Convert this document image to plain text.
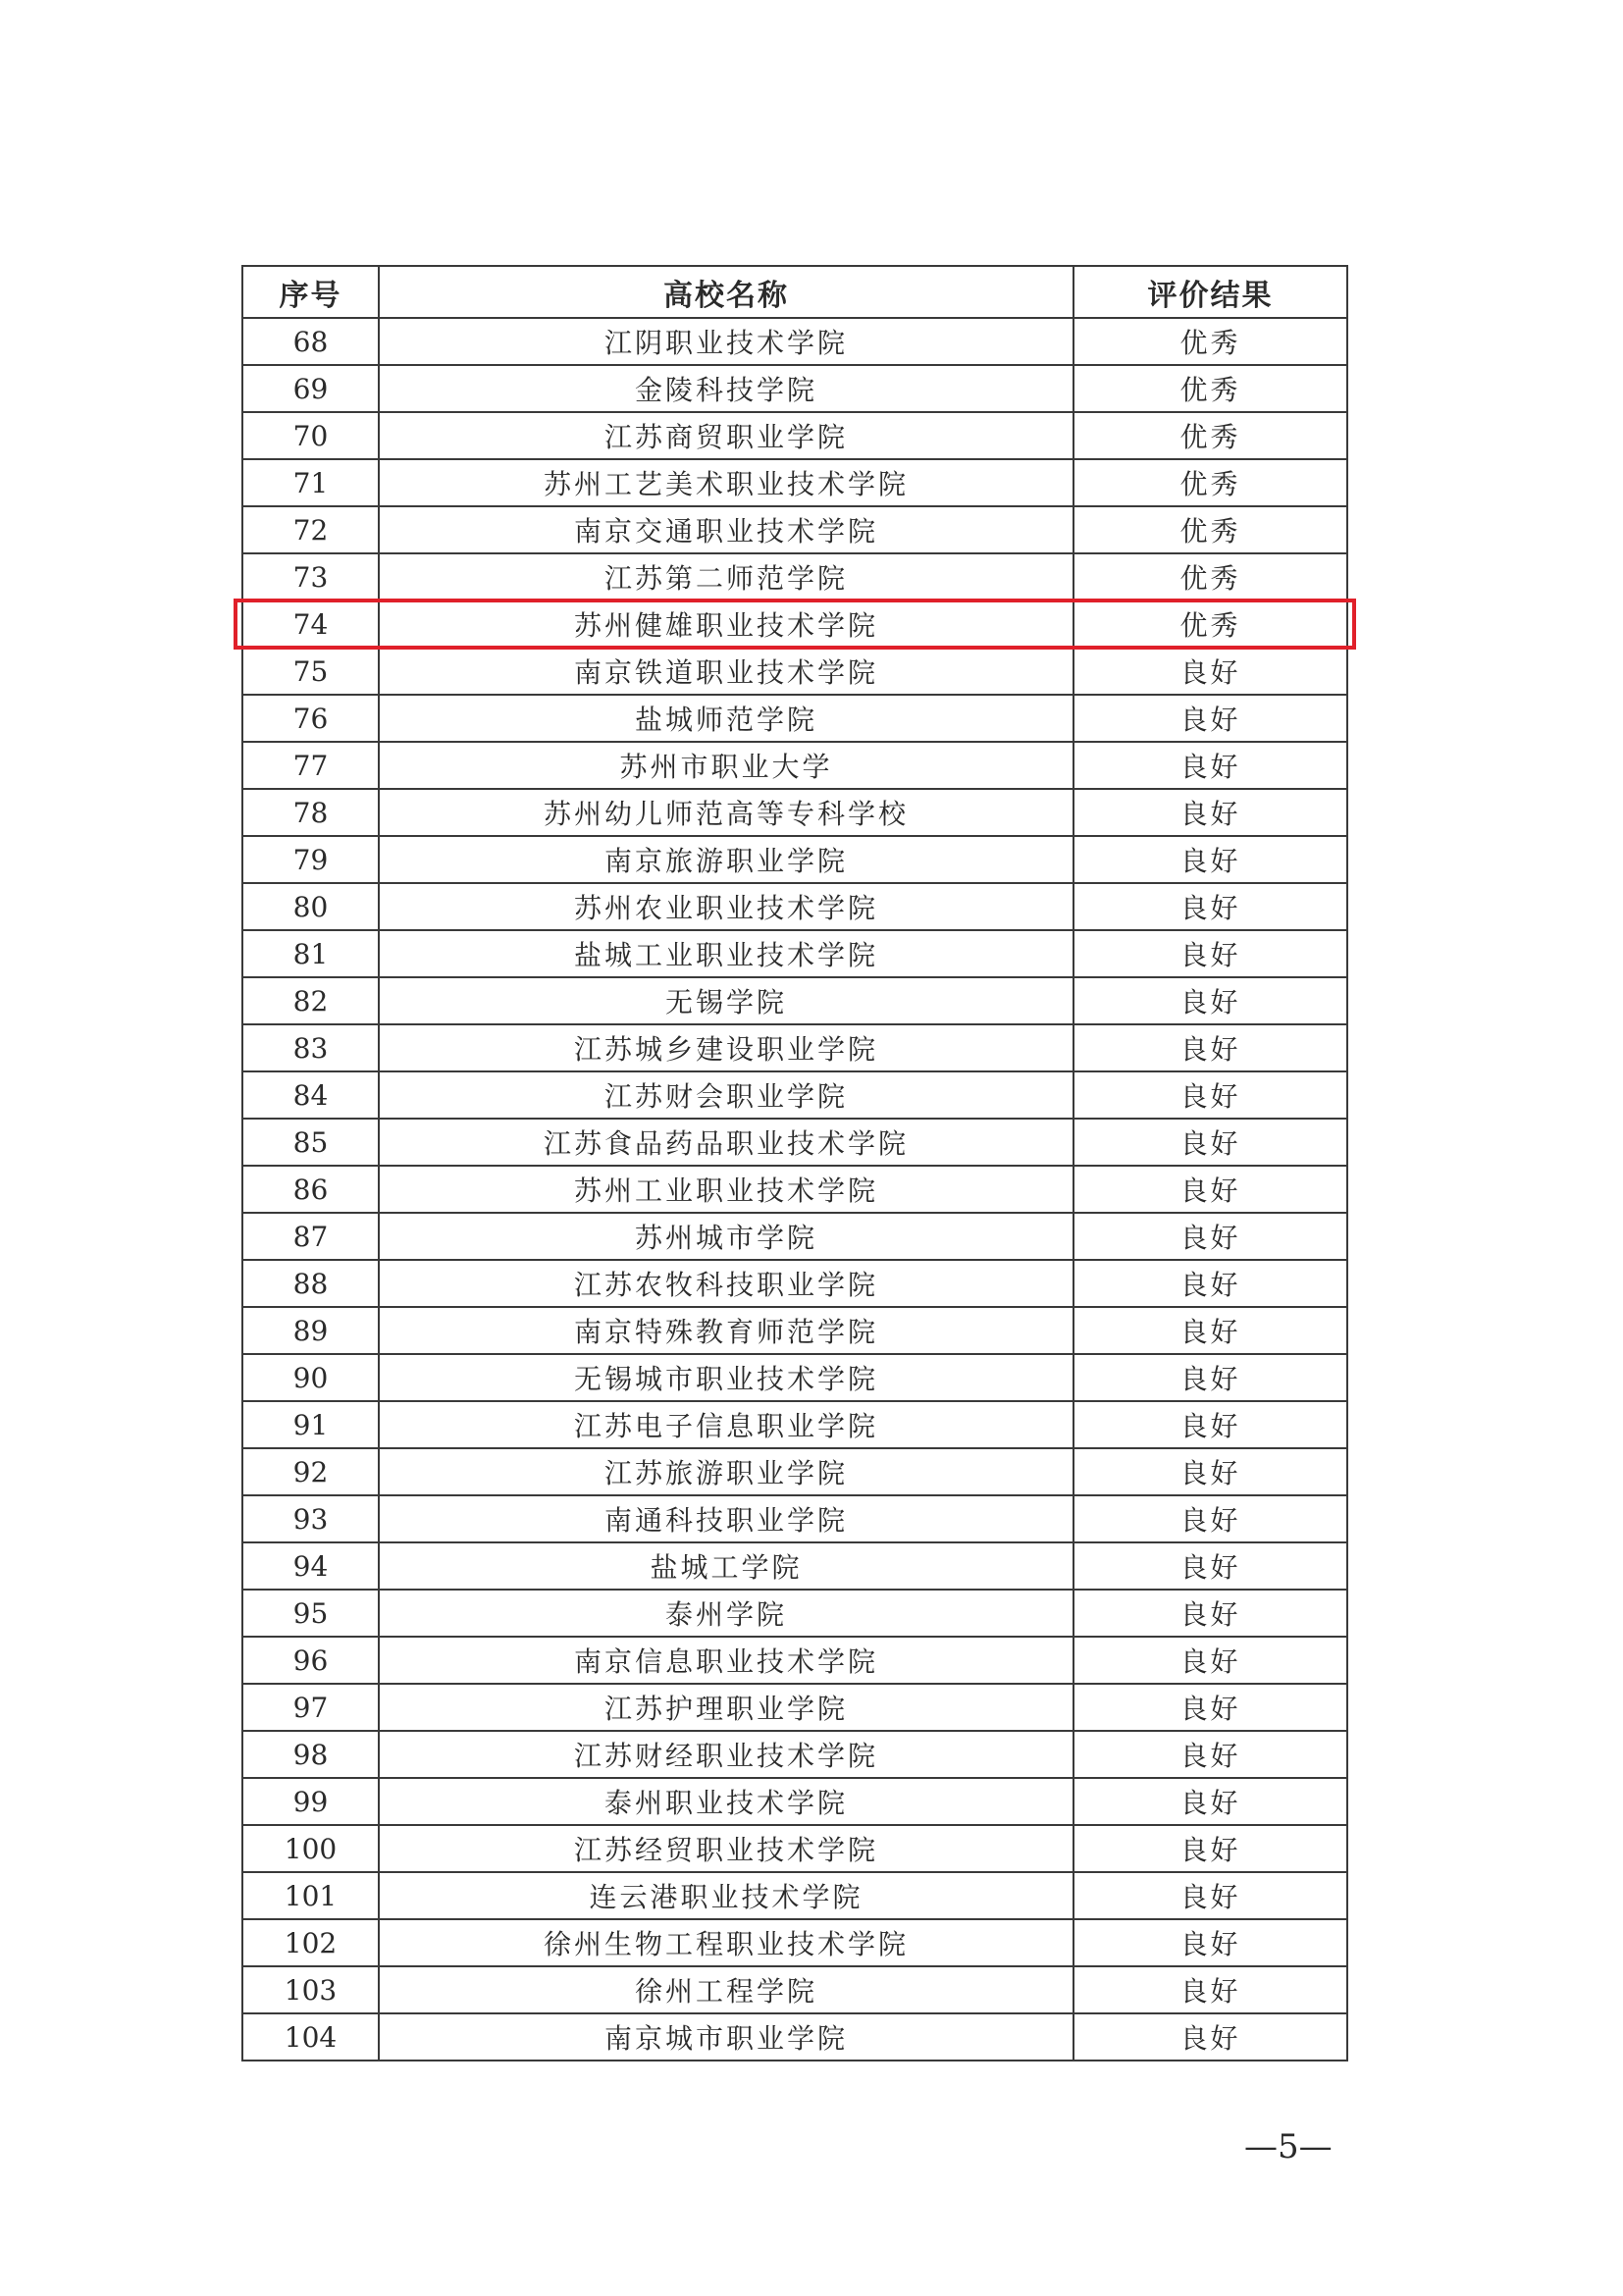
序号	高校名称	评价结果
68	江阴职业技术学院	优秀
69	金陵科技学院	优秀
70	江苏商贸职业学院	优秀
71	苏州工艺美术职业技术学院	优秀
72	南京交通职业技术学院	优秀
73	江苏第二师范学院	优秀
74	苏州健雄职业技术学院	优秀
75	南京铁道职业技术学院	良好
76	盐城师范学院	良好
77	苏州市职业大学	良好
78	苏州幼儿师范高等专科学校	良好
79	南京旅游职业学院	良好
80	苏州农业职业技术学院	良好
81	盐城工业职业技术学院	良好
82	无锡学院	良好
83	江苏城乡建设职业学院	良好
84	江苏财会职业学院	良好
85	江苏食品药品职业技术学院	良好
86	苏州工业职业技术学院	良好
87	苏州城市学院	良好
88	江苏农牧科技职业学院	良好
89	南京特殊教育师范学院	良好
90	无锡城市职业技术学院	良好
91	江苏电子信息职业学院	良好
92	江苏旅游职业学院	良好
93	南通科技职业学院	良好
94	盐城工学院	良好
95	泰州学院	良好
96	南京信息职业技术学院	良好
97	江苏护理职业学院	良好
98	江苏财经职业技术学院	良好
99	泰州职业技术学院	良好
100	江苏经贸职业技术学院	良好
101	连云港职业技术学院	良好
102	徐州生物工程职业技术学院	良好
103	徐州工程学院	良好
104	南京城市职业学院	良好
—5—
